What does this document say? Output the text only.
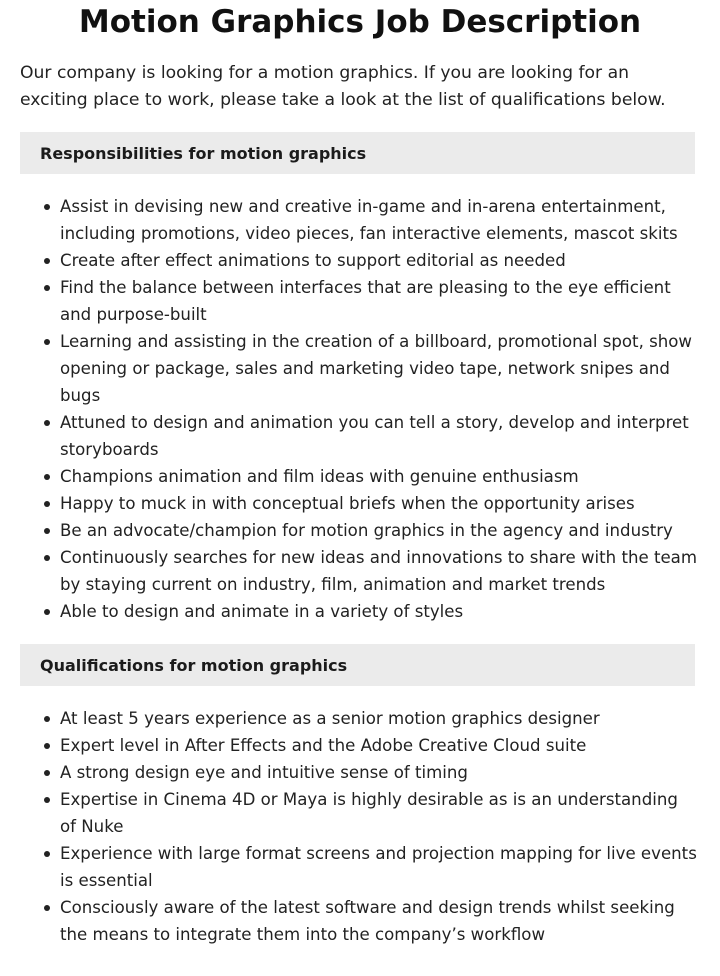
Motion Graphics Job Description

Our company is looking for a motion graphics. If you are looking for an exciting place to work, please take a look at the list of qualifications below.

Responsibilities for motion graphics
Assist in devising new and creative in-game and in-arena entertainment, including promotions, video pieces, fan interactive elements, mascot skits
Create after effect animations to support editorial as needed
Find the balance between interfaces that are pleasing to the eye efficient and purpose-built
Learning and assisting in the creation of a billboard, promotional spot, show opening or package, sales and marketing video tape, network snipes and bugs
Attuned to design and animation you can tell a story, develop and interpret storyboards
Champions animation and film ideas with genuine enthusiasm
Happy to muck in with conceptual briefs when the opportunity arises
Be an advocate/champion for motion graphics in the agency and industry
Continuously searches for new ideas and innovations to share with the team by staying current on industry, film, animation and market trends
Able to design and animate in a variety of styles
Qualifications for motion graphics
At least 5 years experience as a senior motion graphics designer
Expert level in After Effects and the Adobe Creative Cloud suite
A strong design eye and intuitive sense of timing
Expertise in Cinema 4D or Maya is highly desirable as is an understanding of Nuke
Experience with large format screens and projection mapping for live events is essential
Consciously aware of the latest software and design trends whilst seeking the means to integrate them into the company’s workflow
